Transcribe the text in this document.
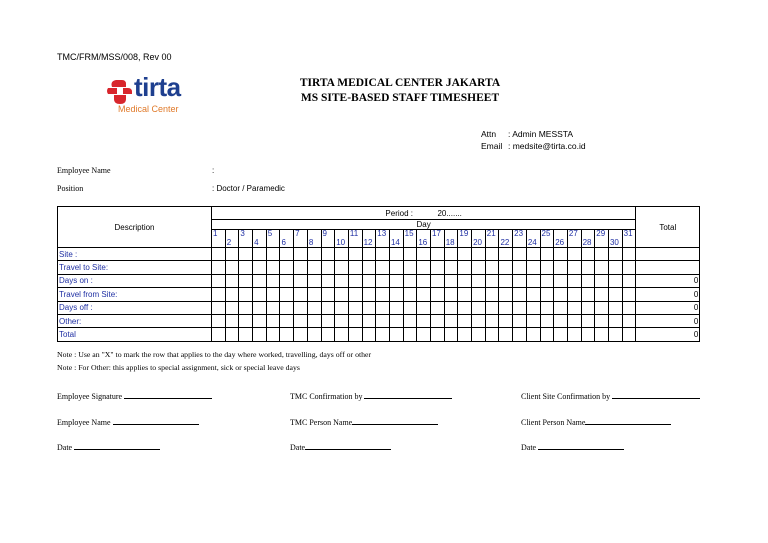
TMC/FRM/MSS/008, Rev 00
tirta
Medical Center
TIRTA MEDICAL CENTER JAKARTA
MS SITE-BASED STAFF TIMESHEET
Attn : Admin MESSTA
Email : medsite@tirta.co.id
Employee Name	:
Position	: Doctor / Paramedic
Description	Period : 20.......																															Total
	Day																															
	1		3		5		7		9		11		13		15		17		19		21		23		25		27		29		31	
		2		4		6		8		10		12		14		16		18		20		22		24		26		28		30		
Site :																																
Travel to Site:																																
Days on :																																0
Travel from Site:																																0
Days off :																																0
Other:																																0
Total																																0
Note : Use an "X" to mark the row that applies to the day where worked, travelling, days off or other
Note : For Other: this applies to special assignment, sick or special leave days
Employee Signature	TMC Confirmation by	Client Site Confirmation by
Employee Name	TMC Person Name	Client Person Name
Date	Date	Date
